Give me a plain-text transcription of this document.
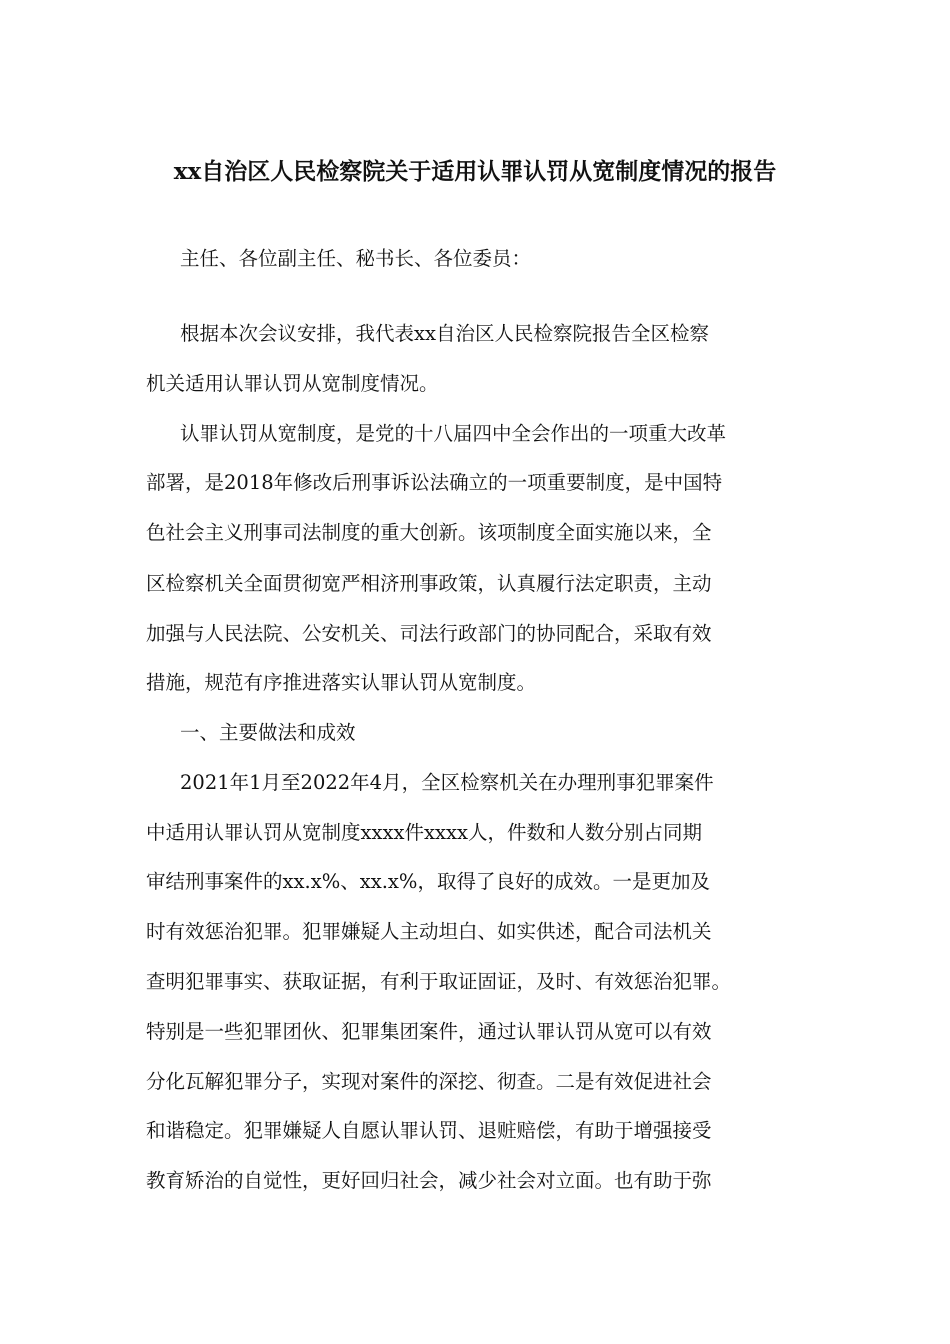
xx自治区人民检察院关于适用认罪认罚从宽制度情况的报告

主任、各位副主任、秘书长、各位委员：

根据本次会议安排，我代表xx自治区人民检察院报告全区检察

机关适用认罪认罚从宽制度情况。

认罪认罚从宽制度，是党的十八届四中全会作出的一项重大改革

部署，是2018年修改后刑事诉讼法确立的一项重要制度，是中国特

色社会主义刑事司法制度的重大创新。该项制度全面实施以来，全

区检察机关全面贯彻宽严相济刑事政策，认真履行法定职责，主动

加强与人民法院、公安机关、司法行政部门的协同配合，采取有效

措施，规范有序推进落实认罪认罚从宽制度。

一、主要做法和成效

2021年1月至2022年4月，全区检察机关在办理刑事犯罪案件

中适用认罪认罚从宽制度xxxx件xxxx人，件数和人数分别占同期

审结刑事案件的xx.x%、xx.x%，取得了良好的成效。一是更加及

时有效惩治犯罪。犯罪嫌疑人主动坦白、如实供述，配合司法机关

查明犯罪事实、获取证据，有利于取证固证，及时、有效惩治犯罪。

特别是一些犯罪团伙、犯罪集团案件，通过认罪认罚从宽可以有效

分化瓦解犯罪分子，实现对案件的深挖、彻查。二是有效促进社会

和谐稳定。犯罪嫌疑人自愿认罪认罚、退赃赔偿，有助于增强接受

教育矫治的自觉性，更好回归社会，减少社会对立面。也有助于弥
